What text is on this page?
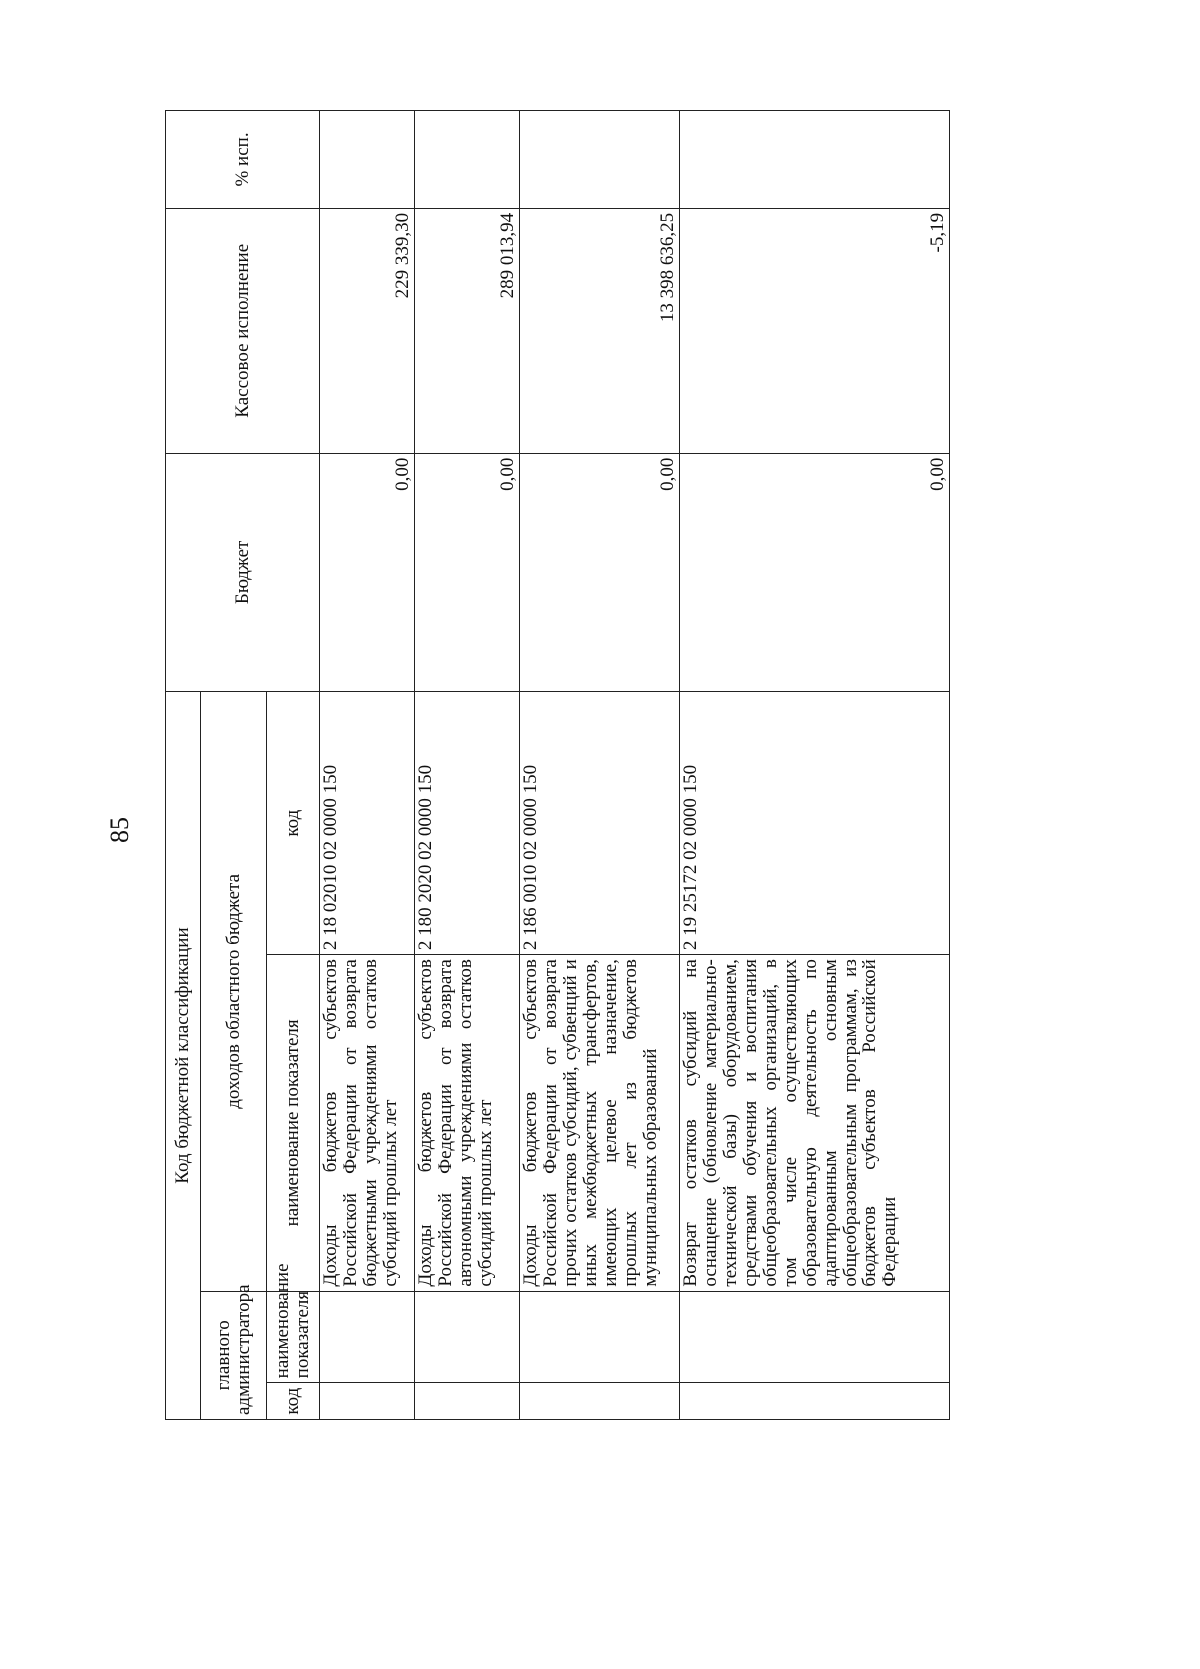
85
Код бюджетной классификации				Бюджет	Кассовое исполнение	% исп.
главного администратора		доходов областного бюджета				
код	наименование показателя	наименование показателя	код			
		Доходы бюджетов субъектов Российской Федерации от возврата бюджетными учреждениями остатков субсидий прошлых лет	2 18 02010 02 0000 150	0,00	229 339,30	
		Доходы бюджетов субъектов Российской Федерации от возврата автономными учреждениями остатков субсидий прошлых лет	2 180 2020 02 0000 150	0,00	289 013,94	
		Доходы бюджетов субъектов Российской Федерации от возврата прочих остатков субсидий, субвенций и иных межбюджетных трансфертов, имеющих целевое назначение, прошлых лет из бюджетов муниципальных образований	2 186 0010 02 0000 150	0,00	13 398 636,25	
		Возврат остатков субсидий на оснащение (обновление материально-технической базы) оборудованием, средствами обучения и воспитания общеобразовательных организаций, в том числе осуществляющих образовательную деятельность по адаптированным основным общеобразовательным программам, из бюджетов субъектов Российской Федерации	2 19 25172 02 0000 150	0,00	-5,19	
